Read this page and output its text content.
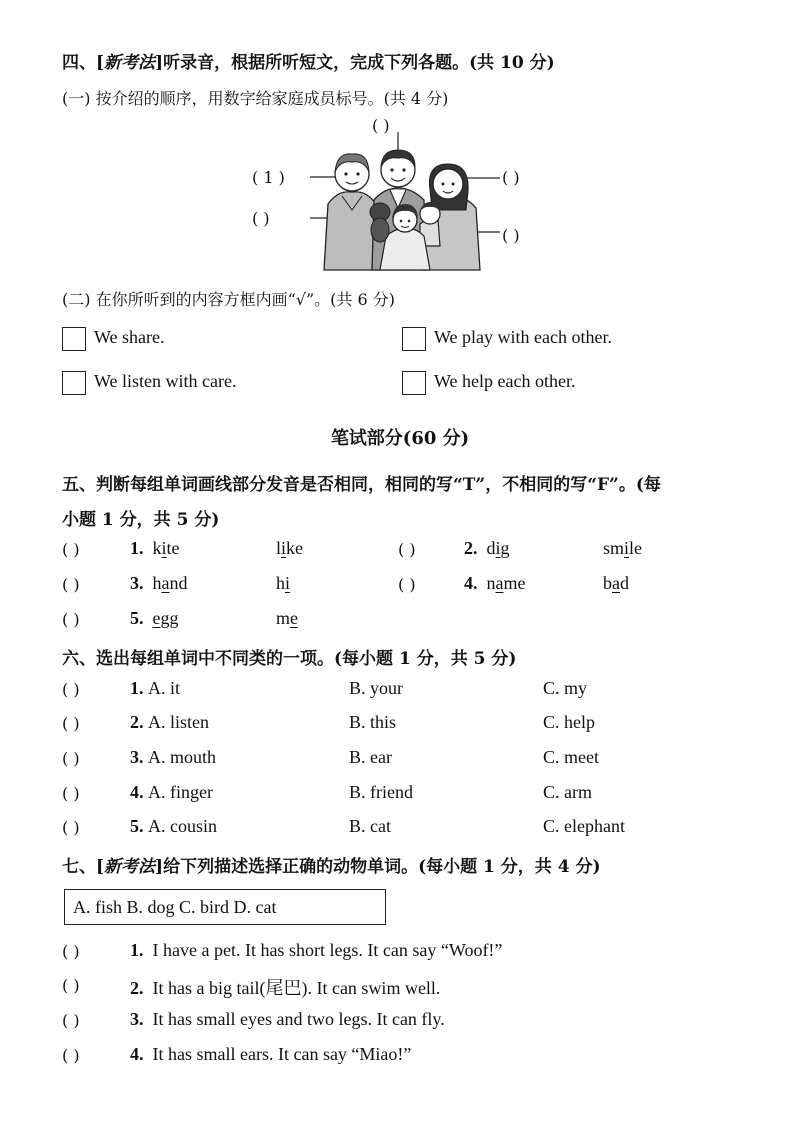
四、[新考法]听录音，根据所听短文，完成下列各题。(共 10 分)
(一) 按介绍的顺序，用数字给家庭成员标号。(共 4 分)
( )
( 1 )	( )
( )
( )
(二) 在你所听到的内容方框内画“√”。(共 6 分)
We share.	We play with each other.
We listen with care.	We help each other.
笔试部分(60 分)
五、判断每组单词画线部分发音是否相同，相同的写“T”，不相同的写“F”。(每
小题 1 分，共 5 分)
( )	1. kite	like	( )	2. dig	smile
( )	3. hand	hi	( )	4. name	bad
( )	5. egg	me
六、选出每组单词中不同类的一项。(每小题 1 分，共 5 分)
( )	1. A. it	B. your	C. my
( )	2. A. listen	B. this	C. help
( )	3. A. mouth	B. ear	C. meet
( )	4. A. finger	B. friend	C. arm
( )	5. A. cousin	B. cat	C. elephant
七、[新考法]给下列描述选择正确的动物单词。(每小题 1 分，共 4 分)
A. fish B. dog C. bird D. cat
( )	1. I have a pet. It has short legs. It can say “Woof!”
( )	2. It has a big tail(尾巴). It can swim well.
( )	3. It has small eyes and two legs. It can fly.
( )	4. It has small ears. It can say “Miao!”
